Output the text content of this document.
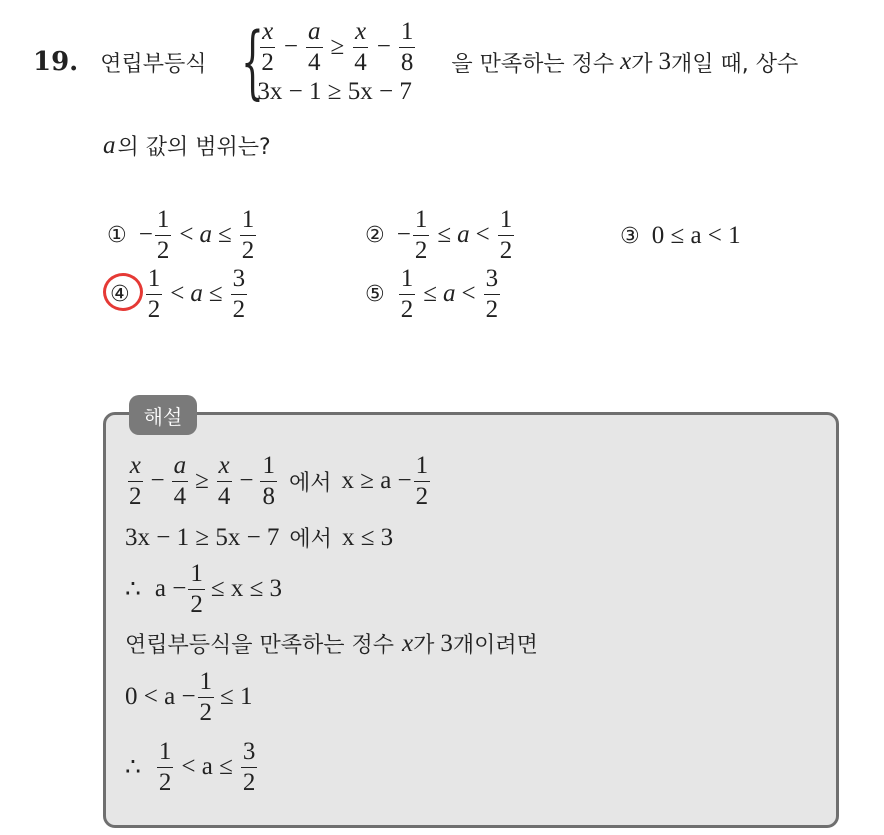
19. 연립부등식 {
$\frac{x}{2} - \frac{a}{4} \ge \frac{x}{4} - \frac{1}{8}$
3x − 1 ≥ 5x − 7
을 만족하는 정수 x 가 3 개일 때, 상수
a 의 값의 범위는?
① − $\frac{1}{2} < a \le \frac{1}{2}$	② − $\frac{1}{2} \le a < \frac{1}{2}$	③ 0 ≤ a < 1
④ $\frac{1}{2} < a \le \frac{3}{2}$	⑤ $\frac{1}{2} \le a < \frac{3}{2}$
해설
$\frac{x}{2} - \frac{a}{4} \ge \frac{x}{4} - \frac{1}{8}$ 에서 $x \ge a - \frac{1}{2}$
3x − 1 ≥ 5x − 7 에서 x ≤ 3
∴ $a - \frac{1}{2} \le x \le 3$
연립부등식을 만족하는 정수 x 가 3 개이려면
$0 < a - \frac{1}{2} \le 1$
∴ $\frac{1}{2} < a \le \frac{3}{2}$
